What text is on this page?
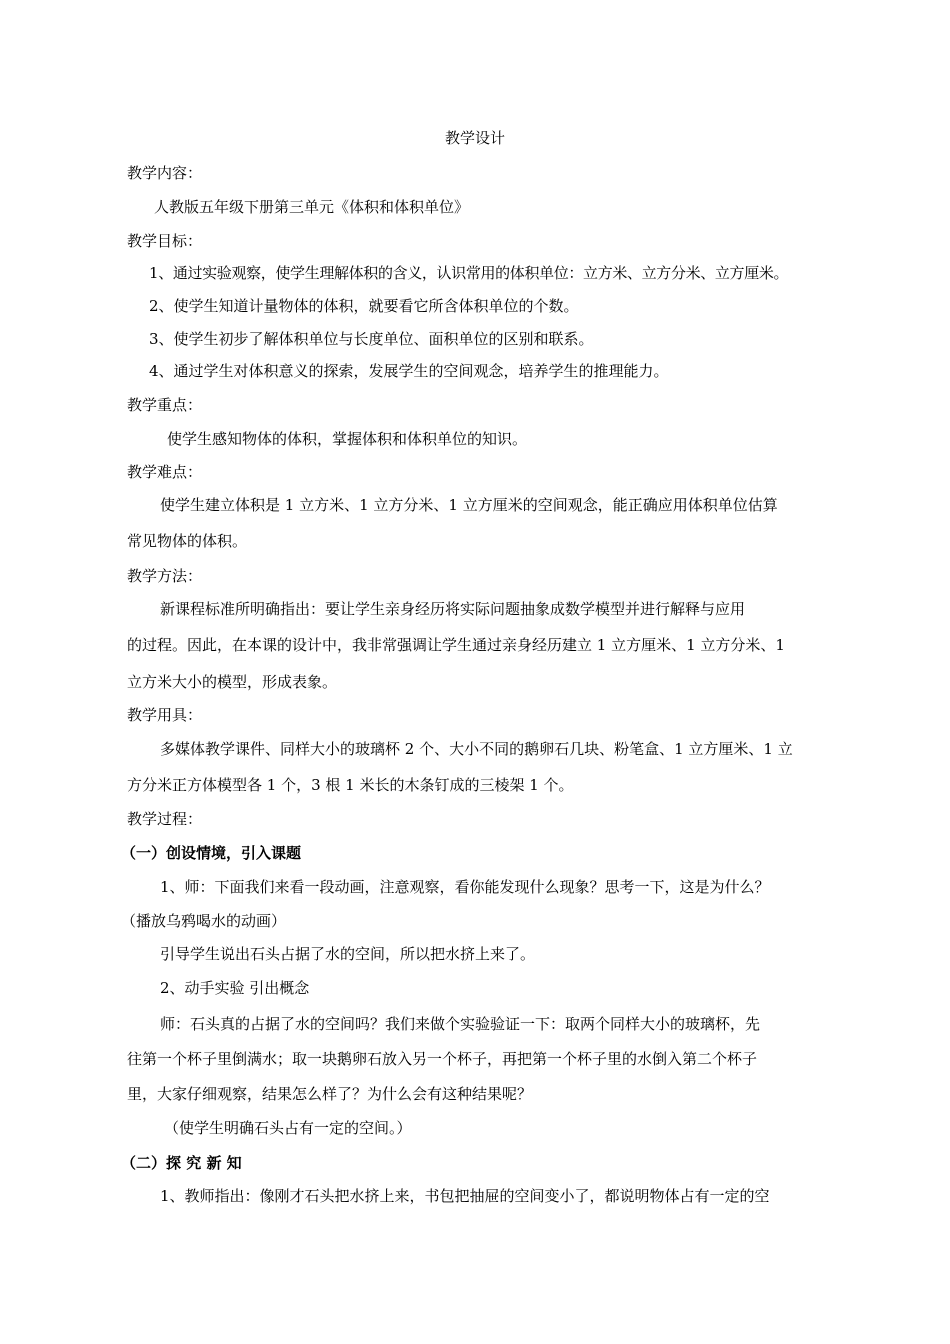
教学设计
教学内容：
人教版五年级下册第三单元《体积和体积单位》
教学目标：
1、通过实验观察，使学生理解体积的含义，认识常用的体积单位：立方米、立方分米、立方厘米。
2、使学生知道计量物体的体积，就要看它所含体积单位的个数。
3、使学生初步了解体积单位与长度单位、面积单位的区别和联系。
4、通过学生对体积意义的探索，发展学生的空间观念，培养学生的推理能力。
教学重点：
使学生感知物体的体积，掌握体积和体积单位的知识。
教学难点：
使学生建立体积是 1 立方米、1 立方分米、1 立方厘米的空间观念，能正确应用体积单位估算
常见物体的体积。
教学方法：
新课程标准所明确指出：要让学生亲身经历将实际问题抽象成数学模型并进行解释与应用
的过程。因此，在本课的设计中，我非常强调让学生通过亲身经历建立 1 立方厘米、1 立方分米、1
立方米大小的模型，形成表象。
教学用具：
多媒体教学课件、同样大小的玻璃杯 2 个、大小不同的鹅卵石几块、粉笔盒、1 立方厘米、1 立
方分米正方体模型各 1 个，3 根 1 米长的木条钉成的三棱架 1 个。
教学过程：
（一）创设情境，引入课题
1、师：下面我们来看一段动画，注意观察，看你能发现什么现象？思考一下，这是为什么？
（播放乌鸦喝水的动画）
引导学生说出石头占据了水的空间，所以把水挤上来了。
2、动手实验 引出概念
师：石头真的占据了水的空间吗？我们来做个实验验证一下：取两个同样大小的玻璃杯，先
往第一个杯子里倒满水；取一块鹅卵石放入另一个杯子，再把第一个杯子里的水倒入第二个杯子
里，大家仔细观察，结果怎么样了？为什么会有这种结果呢？
（使学生明确石头占有一定的空间。）
（二）探 究 新 知
1、教师指出：像刚才石头把水挤上来，书包把抽屉的空间变小了，都说明物体占有一定的空
